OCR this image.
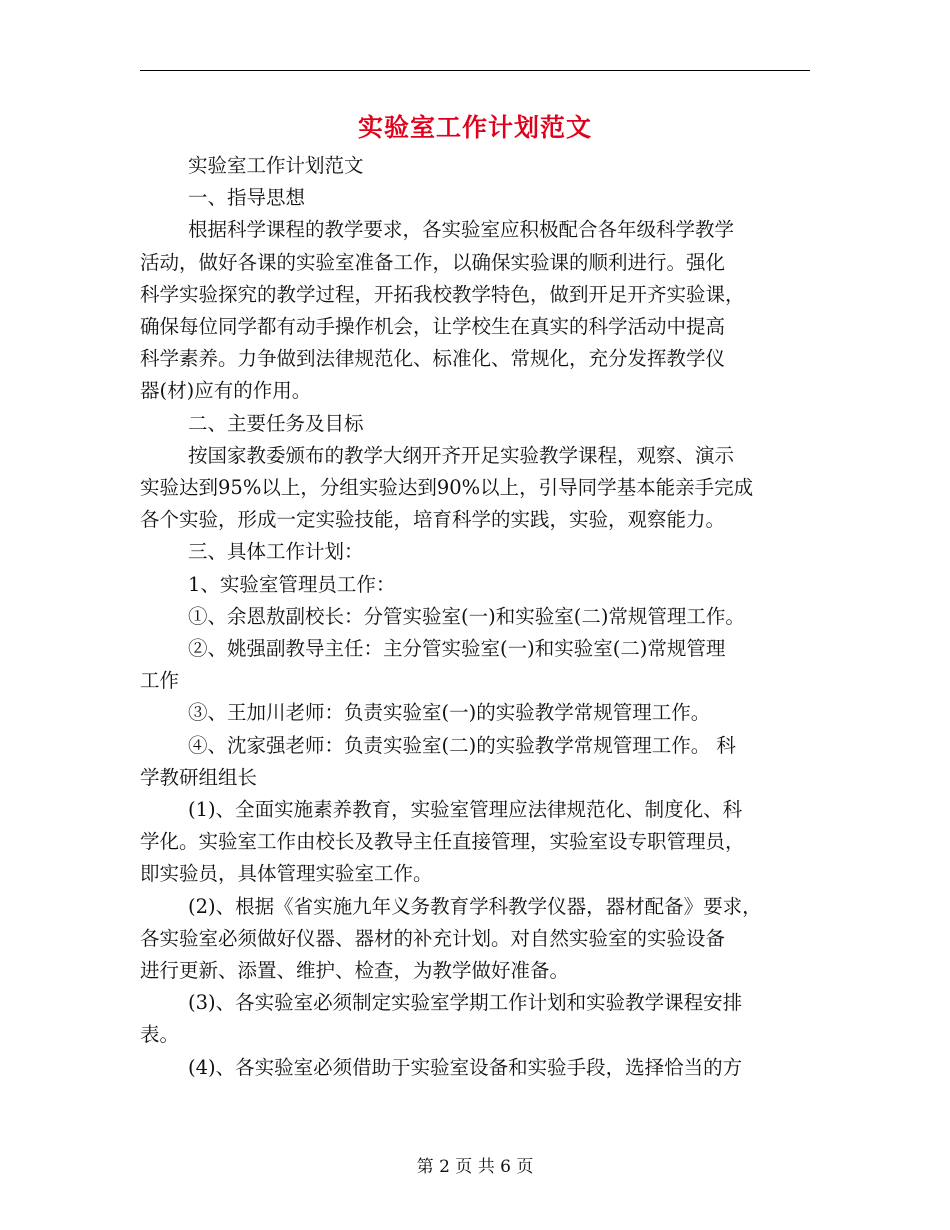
实验室工作计划范文
实验室工作计划范文
一、指导思想
根据科学课程的教学要求，各实验室应积极配合各年级科学教学
活动，做好各课的实验室准备工作，以确保实验课的顺利进行。强化
科学实验探究的教学过程，开拓我校教学特色，做到开足开齐实验课，
确保每位同学都有动手操作机会，让学校生在真实的科学活动中提高
科学素养。力争做到法律规范化、标准化、常规化，充分发挥教学仪
器(材)应有的作用。
二、主要任务及目标
按国家教委颁布的教学大纲开齐开足实验教学课程，观察、演示
实验达到95%以上，分组实验达到90%以上，引导同学基本能亲手完成
各个实验，形成一定实验技能，培育科学的实践，实验，观察能力。
三、具体工作计划：
1、实验室管理员工作：
①、余恩敖副校长：分管实验室(一)和实验室(二)常规管理工作。
②、姚强副教导主任：主分管实验室(一)和实验室(二)常规管理
工作
③、王加川老师：负责实验室(一)的实验教学常规管理工作。
④、沈家强老师：负责实验室(二)的实验教学常规管理工作。 科
学教研组组长
(1)、全面实施素养教育，实验室管理应法律规范化、制度化、科
学化。实验室工作由校长及教导主任直接管理，实验室设专职管理员，
即实验员，具体管理实验室工作。
(2)、根据《省实施九年义务教育学科教学仪器，器材配备》要求，
各实验室必须做好仪器、器材的补充计划。对自然实验室的实验设备
进行更新、添置、维护、检查，为教学做好准备。
(3)、各实验室必须制定实验室学期工作计划和实验教学课程安排
表。
(4)、各实验室必须借助于实验室设备和实验手段，选择恰当的方
第 2 页 共 6 页
